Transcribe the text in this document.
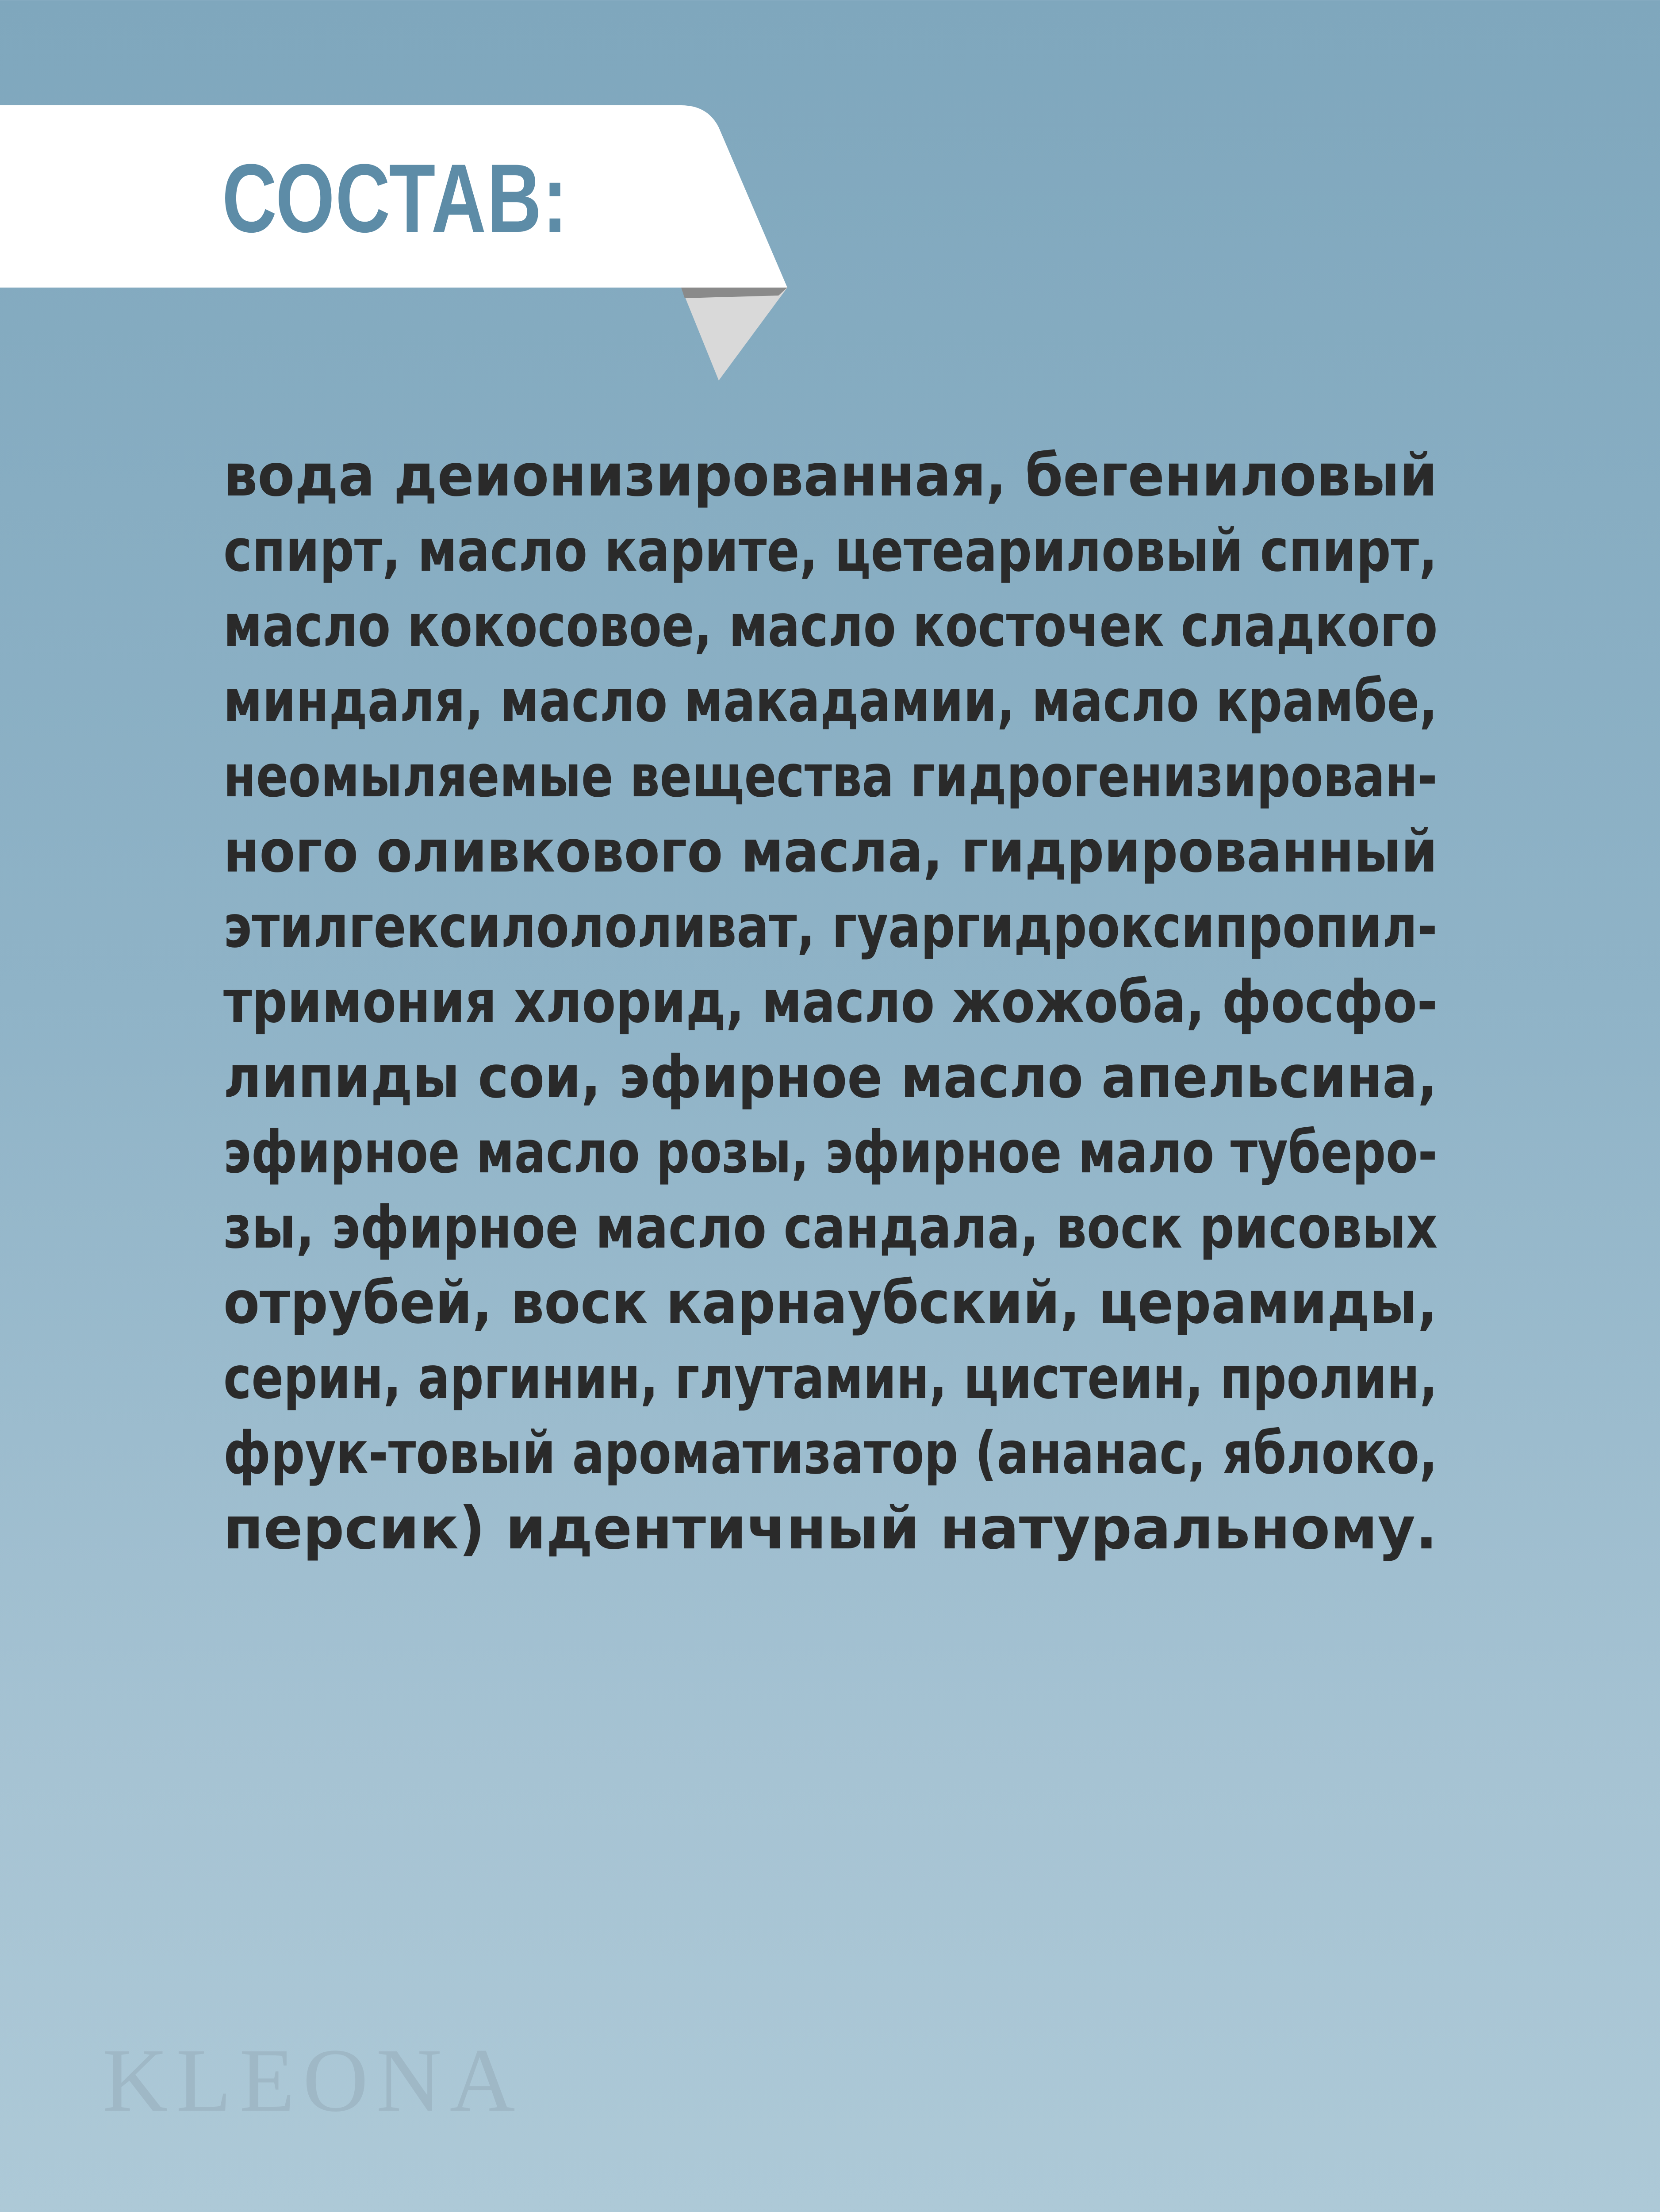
СОСТАВ:
вода деионизированная, бегениловый
спирт, масло карите, цетеариловый спирт,
масло кокосовое, масло косточек сладкого
миндаля, масло макадамии, масло крамбе,
неомыляемые вещества гидрогенизирован-
ного оливкового масла, гидрированный
этилгексилололиват, гуаргидроксипропил-
тримония хлорид, масло жожоба, фосфо-
липиды сои, эфирное масло апельсина,
эфирное масло розы, эфирное мало туберо-
зы, эфирное масло сандала, воск рисовых
отрубей, воск карнаубский, церамиды,
серин, аргинин, глутамин, цистеин, пролин,
фрук-товый ароматизатор (ананас, яблоко,
персик) идентичный натуральному.
KLEONA
